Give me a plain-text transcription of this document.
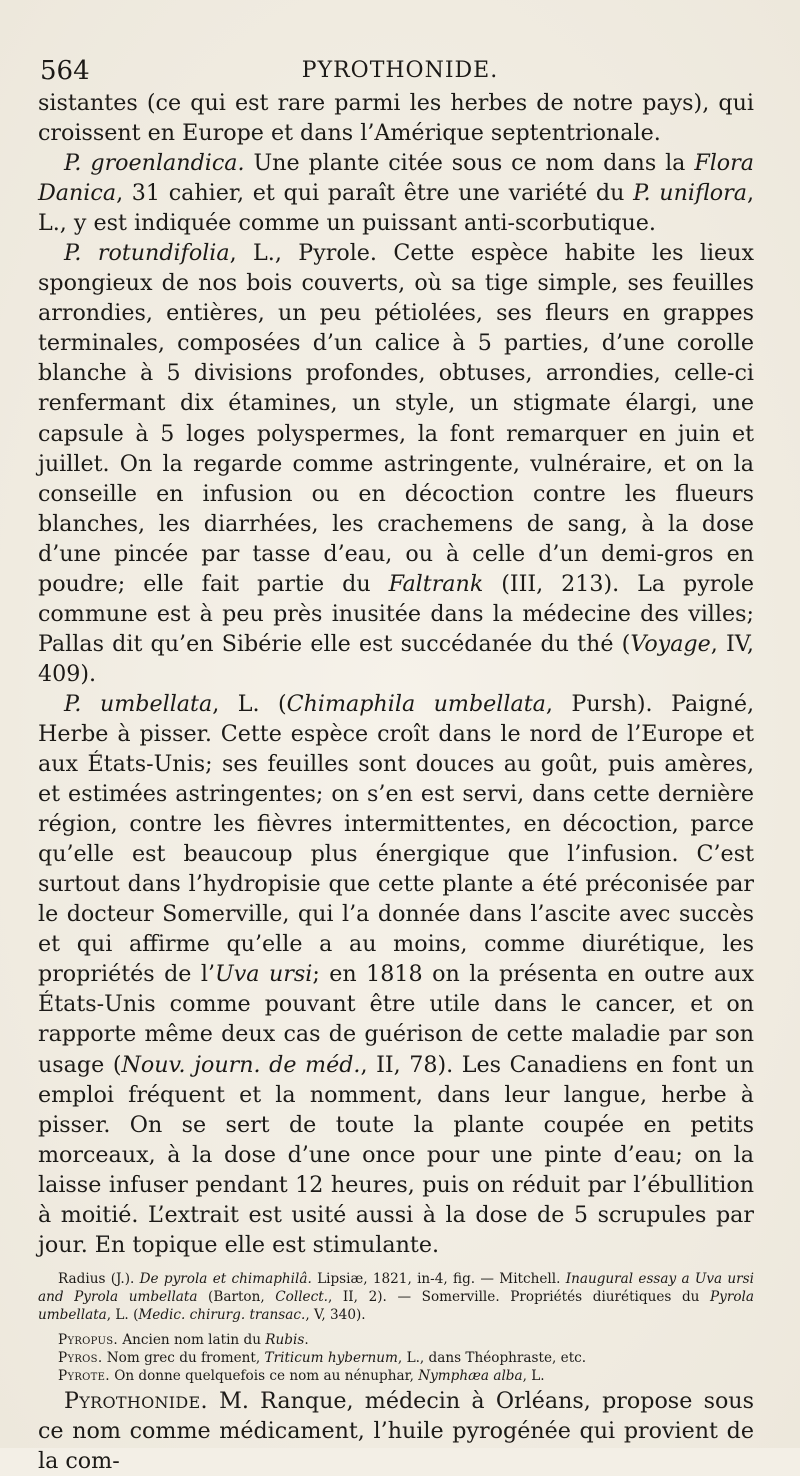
564	PYROTHONIDE.

sistantes (ce qui est rare parmi les herbes de notre pays), qui croissent en Europe et dans l’Amérique septentrionale.

P. groenlandica. Une plante citée sous ce nom dans la Flora Danica, 31 cahier, et qui paraît être une variété du P. uniflora, L., y est indiquée comme un puissant anti-scorbutique.

P. rotundifolia, L., Pyrole. Cette espèce habite les lieux spongieux de nos bois couverts, où sa tige simple, ses feuilles arrondies, entières, un peu pétiolées, ses fleurs en grappes terminales, composées d’un calice à 5 parties, d’une corolle blanche à 5 divisions profondes, obtuses, arrondies, celle-ci renfermant dix étamines, un style, un stigmate élargi, une capsule à 5 loges polyspermes, la font remarquer en juin et juillet. On la regarde comme astringente, vulnéraire, et on la conseille en infusion ou en décoction contre les flueurs blanches, les diarrhées, les crachemens de sang, à la dose d’une pincée par tasse d’eau, ou à celle d’un demi-gros en poudre; elle fait partie du Faltrank (III, 213). La pyrole commune est à peu près inusitée dans la médecine des villes; Pallas dit qu’en Sibérie elle est succédanée du thé (Voyage, IV, 409).

P. umbellata, L. (Chimaphila umbellata, Pursh). Paigné, Herbe à pisser. Cette espèce croît dans le nord de l’Europe et aux États-Unis; ses feuilles sont douces au goût, puis amères, et estimées astringentes; on s’en est servi, dans cette dernière région, contre les fièvres intermittentes, en décoction, parce qu’elle est beaucoup plus énergique que l’infusion. C’est surtout dans l’hydropisie que cette plante a été préconisée par le docteur Somerville, qui l’a donnée dans l’ascite avec succès et qui affirme qu’elle a au moins, comme diurétique, les propriétés de l’Uva ursi; en 1818 on la présenta en outre aux États-Unis comme pouvant être utile dans le cancer, et on rapporte même deux cas de guérison de cette maladie par son usage (Nouv. journ. de méd., II, 78). Les Canadiens en font un emploi fréquent et la nomment, dans leur langue, herbe à pisser. On se sert de toute la plante coupée en petits morceaux, à la dose d’une once pour une pinte d’eau; on la laisse infuser pendant 12 heures, puis on réduit par l’ébullition à moitié. L’extrait est usité aussi à la dose de 5 scrupules par jour. En topique elle est stimulante.

Radius (J.). De pyrola et chimaphilâ. Lipsiæ, 1821, in-4, fig. — Mitchell. Inaugural essay a Uva ursi and Pyrola umbellata (Barton, Collect., II, 2). — Somerville. Propriétés diurétiques du Pyrola umbellata, L. (Medic. chirurg. transac., V, 340).

Pyropus. Ancien nom latin du Rubis.

Pyros. Nom grec du froment, Triticum hybernum, L., dans Théophraste, etc.

Pyrote. On donne quelquefois ce nom au nénuphar, Nymphæa alba, L.

Pyrothonide. M. Ranque, médecin à Orléans, propose sous ce nom comme médicament, l’huile pyrogénée qui provient de la com-
